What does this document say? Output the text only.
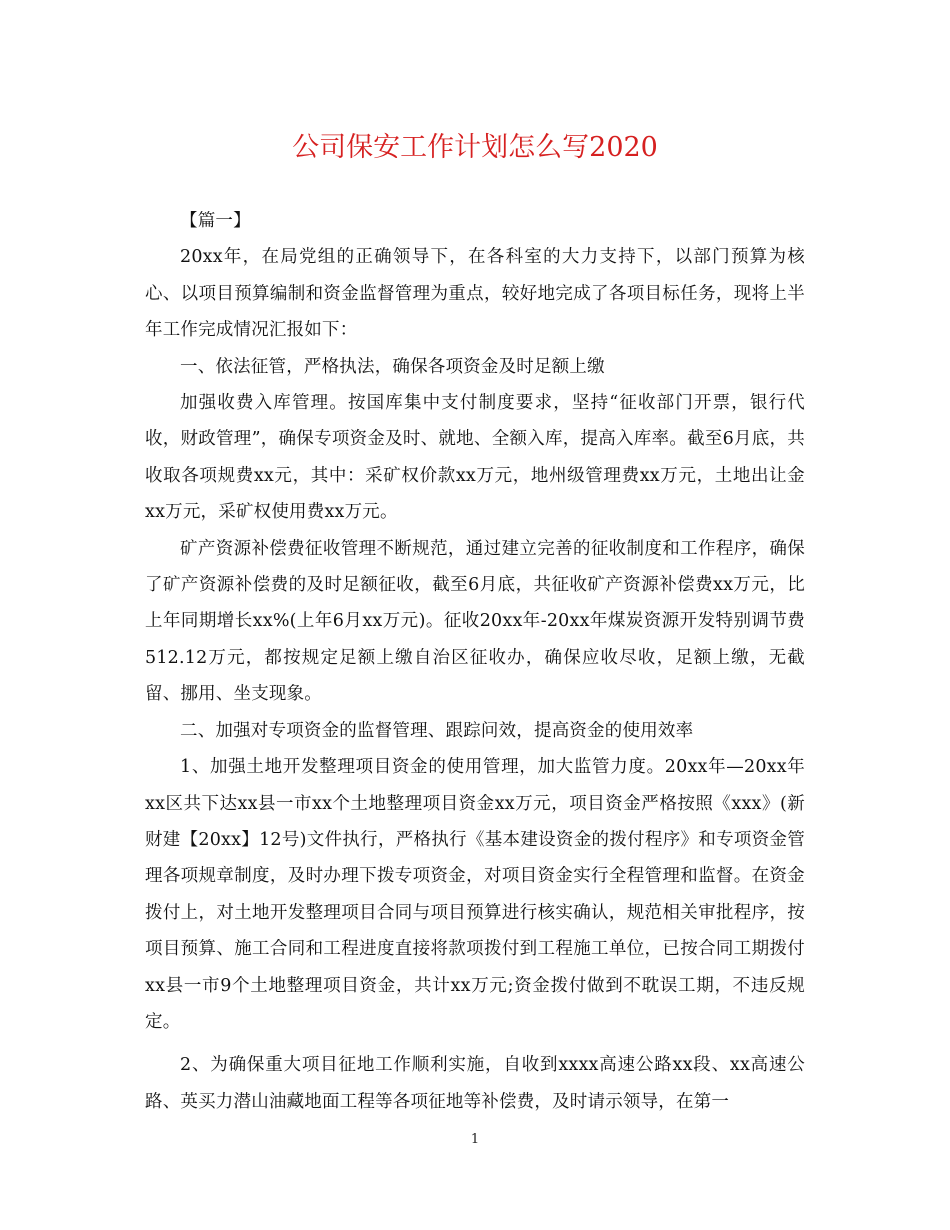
公司保安工作计划怎么写2020

【篇一】

20xx年，在局党组的正确领导下，在各科室的大力支持下，以部门预算为核心、以项目预算编制和资金监督管理为重点，较好地完成了各项目标任务，现将上半年工作完成情况汇报如下：

一、依法征管，严格执法，确保各项资金及时足额上缴

加强收费入库管理。按国库集中支付制度要求，坚持“征收部门开票，银行代收，财政管理”，确保专项资金及时、就地、全额入库，提高入库率。截至6月底，共收取各项规费xx元，其中：采矿权价款xx万元，地州级管理费xx万元，土地出让金xx万元，采矿权使用费xx万元。

矿产资源补偿费征收管理不断规范，通过建立完善的征收制度和工作程序，确保了矿产资源补偿费的及时足额征收，截至6月底，共征收矿产资源补偿费xx万元，比上年同期增长xx%(上年6月xx万元)。征收20xx年-20xx年煤炭资源开发特别调节费512.12万元，都按规定足额上缴自治区征收办，确保应收尽收，足额上缴，无截留、挪用、坐支现象。

二、加强对专项资金的监督管理、跟踪问效，提高资金的使用效率

1、加强土地开发整理项目资金的使用管理，加大监管力度。20xx年—20xx年xx区共下达xx县一市xx个土地整理项目资金xx万元，项目资金严格按照《xxx》(新财建【20xx】12号)文件执行，严格执行《基本建设资金的拨付程序》和专项资金管理各项规章制度，及时办理下拨专项资金，对项目资金实行全程管理和监督。在资金拨付上，对土地开发整理项目合同与项目预算进行核实确认，规范相关审批程序，按项目预算、施工合同和工程进度直接将款项拨付到工程施工单位，已按合同工期拨付xx县一市9个土地整理项目资金，共计xx万元;资金拨付做到不耽误工期，不违反规定。

2、为确保重大项目征地工作顺利实施，自收到xxxx高速公路xx段、xx高速公路、英买力潜山油藏地面工程等各项征地等补偿费，及时请示领导，在第一

1
